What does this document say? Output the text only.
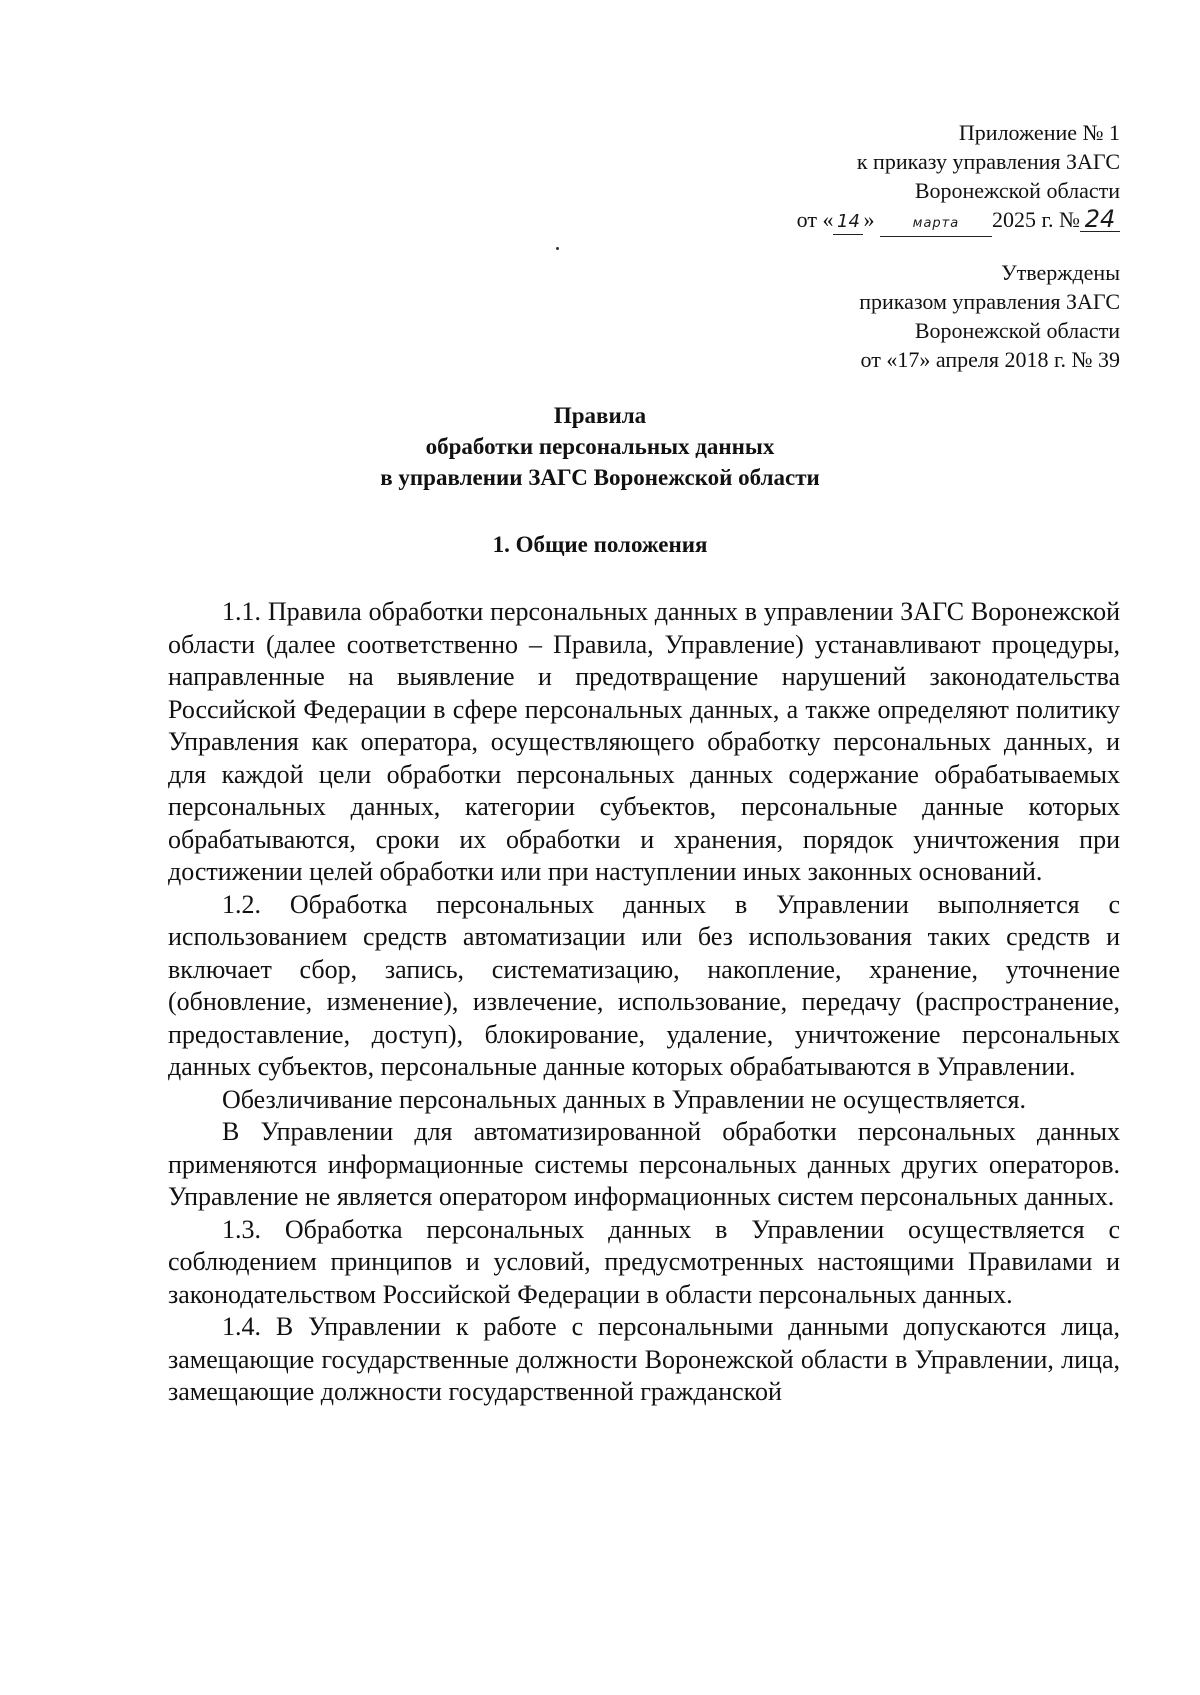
Приложение № 1
к приказу управления ЗАГС
Воронежской области
от « 14 »	марта 2025 г. № 24
Утверждены
приказом управления ЗАГС
Воронежской области
от «17» апреля 2018 г. № 39
Правила
обработки персональных данных
в управлении ЗАГС Воронежской области
1. Общие положения

1.1. Правила обработки персональных данных в управлении ЗАГС Воронежской области (далее соответственно – Правила, Управление) устанавливают процедуры, направленные на выявление и предотвращение нарушений законодательства Российской Федерации в сфере персональных данных, а также определяют политику Управления как оператора, осуществляющего обработку персональных данных, и для каждой цели обработки персональных данных содержание обрабатываемых персональных данных, категории субъектов, персональные данные которых обрабатываются, сроки их обработки и хранения, порядок уничтожения при достижении целей обработки или при наступлении иных законных оснований.

1.2. Обработка персональных данных в Управлении выполняется с использованием средств автоматизации или без использования таких средств и включает сбор, запись, систематизацию, накопление, хранение, уточнение (обновление, изменение), извлечение, использование, передачу (распространение, предоставление, доступ), блокирование, удаление, уничтожение персональных данных субъектов, персональные данные которых обрабатываются в Управлении.

Обезличивание персональных данных в Управлении не осуществляется.

В Управлении для автоматизированной обработки персональных данных применяются информационные системы персональных данных других операторов. Управление не является оператором информационных систем персональных данных.

1.3. Обработка персональных данных в Управлении осуществляется с соблюдением принципов и условий, предусмотренных настоящими Правилами и законодательством Российской Федерации в области персональных данных.

1.4. В Управлении к работе с персональными данными допускаются лица, замещающие государственные должности Воронежской области в Управлении, лица, замещающие должности государственной гражданской
